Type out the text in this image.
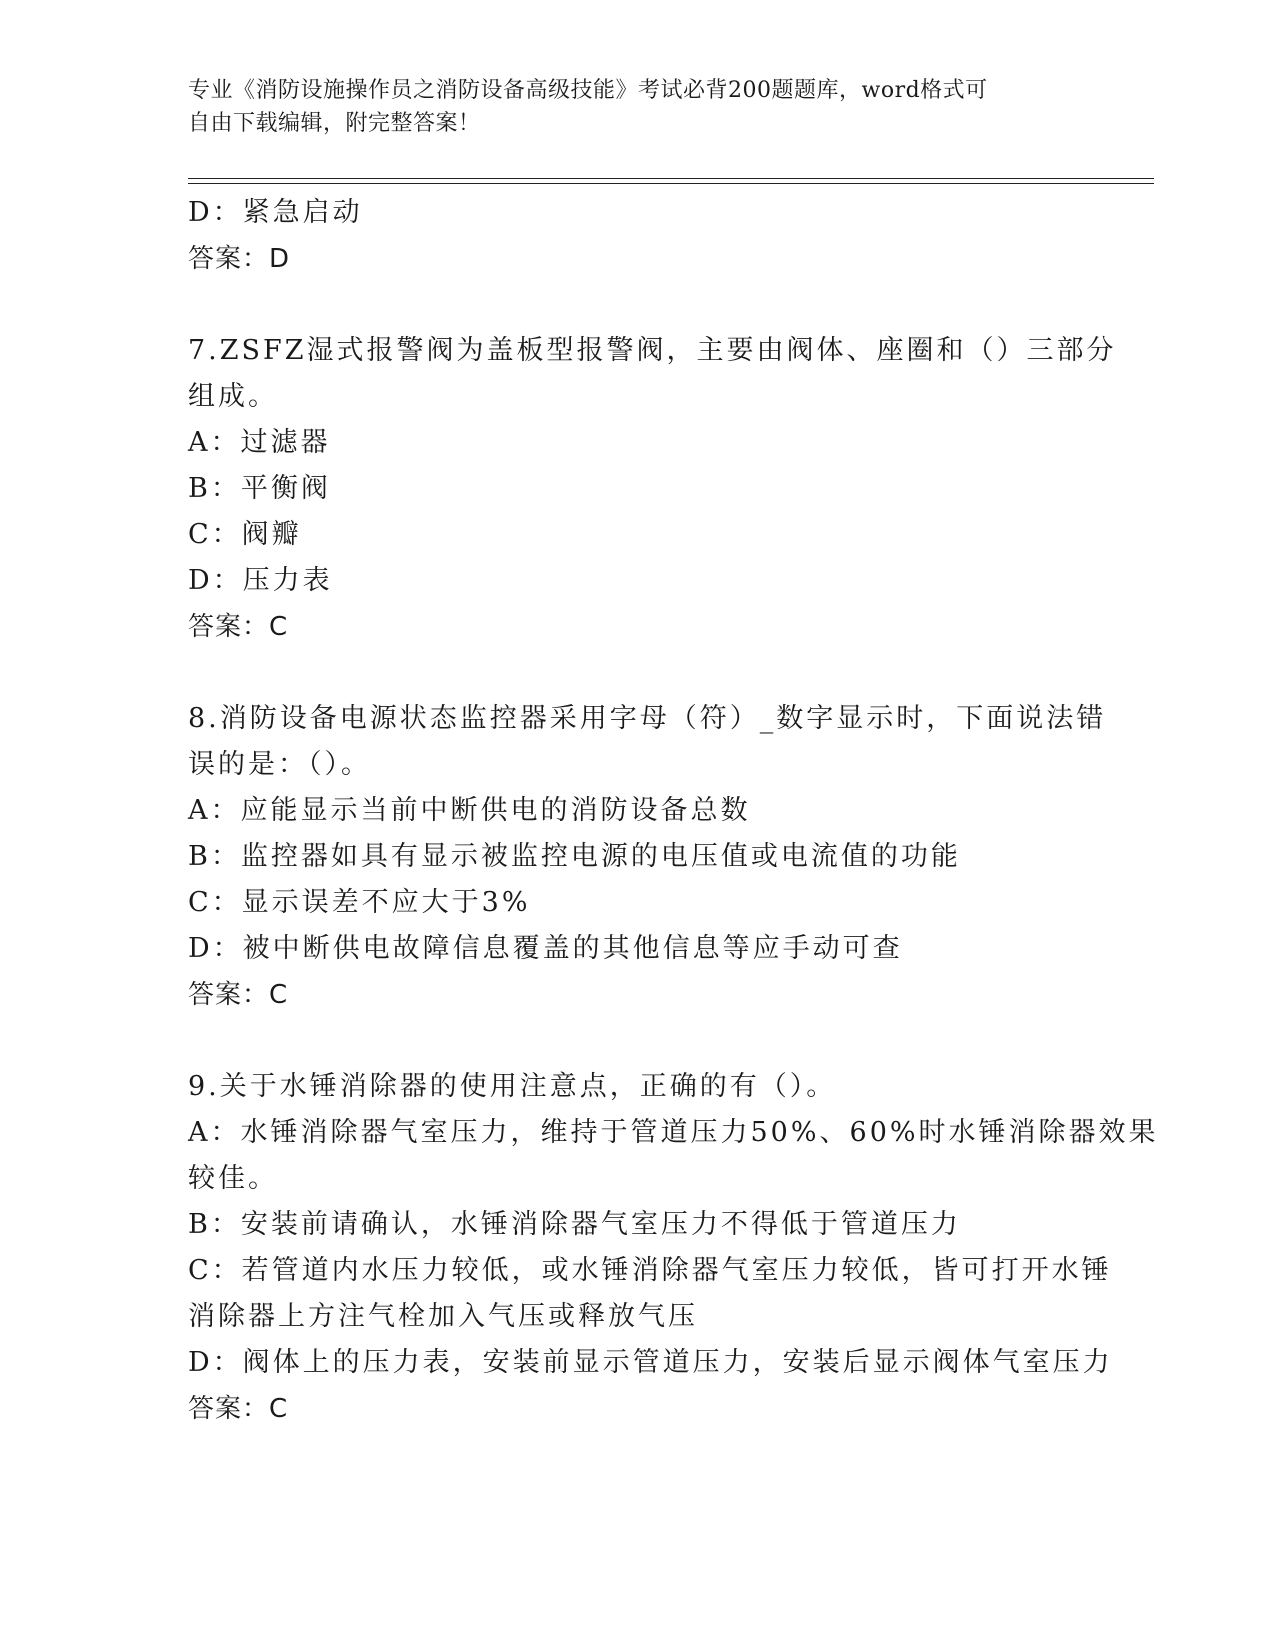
专业《消防设施操作员之消防设备高级技能》考试必背200题题库，word格式可
自由下载编辑，附完整答案！
D：紧急启动
答案：D
7.ZSFZ湿式报警阀为盖板型报警阀，主要由阀体、座圈和（）三部分
组成。
A：过滤器
B：平衡阀
C：阀瓣
D：压力表
答案：C
8.消防设备电源状态监控器采用字母（符）_数字显示时，下面说法错
误的是：（）。
A：应能显示当前中断供电的消防设备总数
B：监控器如具有显示被监控电源的电压值或电流值的功能
C：显示误差不应大于3%
D：被中断供电故障信息覆盖的其他信息等应手动可查
答案：C
9.关于水锤消除器的使用注意点，正确的有（）。
A：水锤消除器气室压力，维持于管道压力50%、60%时水锤消除器效果
较佳。
B：安装前请确认，水锤消除器气室压力不得低于管道压力
C：若管道内水压力较低，或水锤消除器气室压力较低，皆可打开水锤
消除器上方注气栓加入气压或释放气压
D：阀体上的压力表，安装前显示管道压力，安装后显示阀体气室压力
答案：C
